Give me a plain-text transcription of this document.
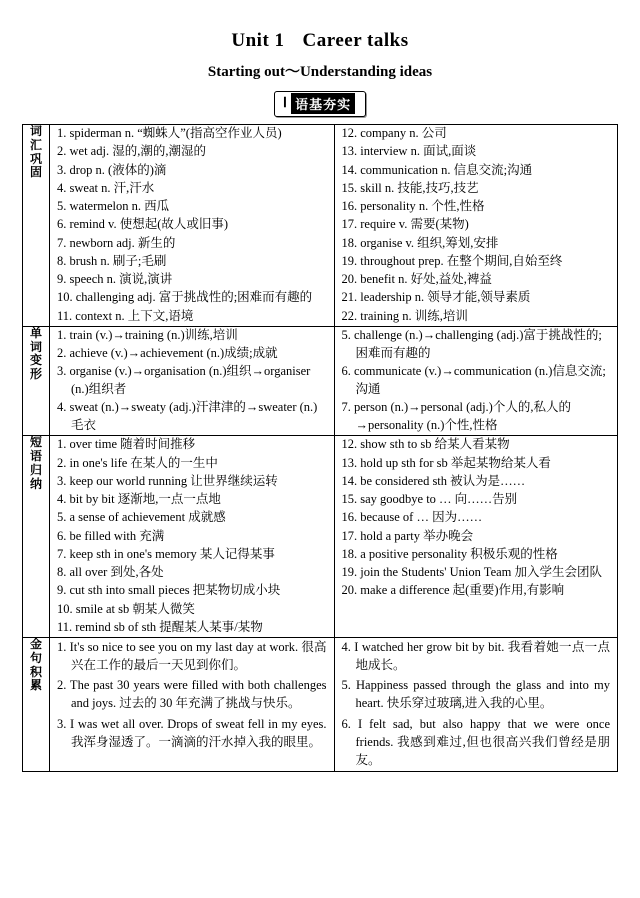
Unit 1 Career talks
Starting out～Understanding ideas
Ⅰ 语基夯实
词汇巩固

1. spiderman n. “蜘蛛人”(指高空作业人员)
2. wet adj. 湿的,潮的,潮湿的
3. drop n. (液体的)滴
4. sweat n. 汗,汗水
5. watermelon n. 西瓜
6. remind v. 使想起(故人或旧事)
7. newborn adj. 新生的
8. brush n. 刷子;毛刷
9. speech n. 演说,演讲
10. challenging adj. 富于挑战性的;困难而有趣的
11. context n. 上下文,语境
12. company n. 公司
13. interview n. 面试,面谈
14. communication n. 信息交流;沟通
15. skill n. 技能,技巧,技艺
16. personality n. 个性,性格
17. require v. 需要(某物)
18. organise v. 组织,筹划,安排
19. throughout prep. 在整个期间,自始至终
20. benefit n. 好处,益处,裨益
21. leadership n. 领导才能,领导素质
22. training n. 训练,培训

单词变形

1. train (v.)→training (n.)训练,培训
2. achieve (v.)→achievement (n.)成绩;成就
3. organise (v.)→organisation (n.)组织→organiser (n.)组织者
4. sweat (n.)→sweaty (adj.)汗津津的→sweater (n.)毛衣
5. challenge (n.)→challenging (adj.)富于挑战性的;困难而有趣的
6. communicate (v.)→communication (n.)信息交流;沟通
7. person (n.)→personal (adj.)个人的,私人的→personality (n.)个性,性格

短语归纳

1. over time 随着时间推移
2. in one's life 在某人的一生中
3. keep our world running 让世界继续运转
4. bit by bit 逐渐地,一点一点地
5. a sense of achievement 成就感
6. be filled with 充满
7. keep sth in one's memory 某人记得某事
8. all over 到处,各处
9. cut sth into small pieces 把某物切成小块
10. smile at sb 朝某人微笑
11. remind sb of sth 提醒某人某事/某物
12. show sth to sb 给某人看某物
13. hold up sth for sb 举起某物给某人看
14. be considered sth 被认为是……
15. say goodbye to … 向……告别
16. because of … 因为……
17. hold a party 举办晚会
18. a positive personality 积极乐观的性格
19. join the Students' Union Team 加入学生会团队
20. make a difference 起(重要)作用,有影响

金句积累

1. It's so nice to see you on my last day at work. 很高兴在工作的最后一天见到你们。
2. The past 30 years were filled with both challenges and joys. 过去的 30 年充满了挑战与快乐。
3. I was wet all over. Drops of sweat fell in my eyes. 我浑身湿透了。一滴滴的汗水掉入我的眼里。
4. I watched her grow bit by bit. 我看着她一点一点地成长。
5. Happiness passed through the glass and into my heart. 快乐穿过玻璃,进入我的心里。
6. I felt sad, but also happy that we were once friends. 我感到难过,但也很高兴我们曾经是朋友。
